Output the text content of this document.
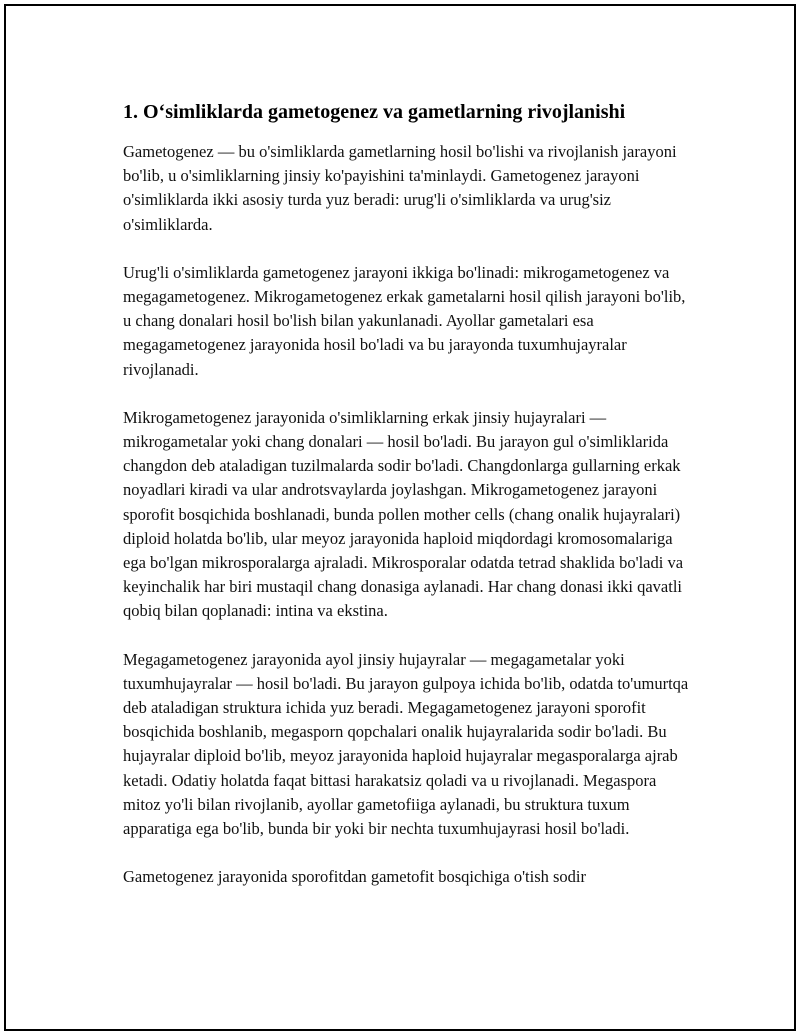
1. O‘simliklarda gametogenez va gametlarning rivojlanishi

Gametogenez — bu o'simliklarda gametlarning hosil bo'lishi va rivojlanish jarayoni bo'lib, u o'simliklarning jinsiy ko'payishini ta'minlaydi. Gametogenez jarayoni o'simliklarda ikki asosiy turda yuz beradi: urug'li o'simliklarda va urug'siz o'simliklarda.

Urug'li o'simliklarda gametogenez jarayoni ikkiga bo'linadi: mikrogametogenez va megagametogenez. Mikrogametogenez erkak gametalarni hosil qilish jarayoni bo'lib, u chang donalari hosil bo'lish bilan yakunlanadi. Ayollar gametalari esa megagametogenez jarayonida hosil bo'ladi va bu jarayonda tuxumhujayralar rivojlanadi.

Mikrogametogenez jarayonida o'simliklarning erkak jinsiy hujayralari — mikrogametalar yoki chang donalari — hosil bo'ladi. Bu jarayon gul o'simliklarida changdon deb ataladigan tuzilmalarda sodir bo'ladi. Changdonlarga gullarning erkak noyadlari kiradi va ular androtsvaylarda joylashgan. Mikrogametogenez jarayoni sporofit bosqichida boshlanadi, bunda pollen mother cells (chang onalik hujayralari) diploid holatda bo'lib, ular meyoz jarayonida haploid miqdordagi kromosomalariga ega bo'lgan mikrosporalarga ajraladi. Mikrosporalar odatda tetrad shaklida bo'ladi va keyinchalik har biri mustaqil chang donasiga aylanadi. Har chang donasi ikki qavatli qobiq bilan qoplanadi: intina va ekstina.

Megagametogenez jarayonida ayol jinsiy hujayralar — megagametalar yoki tuxumhujayralar — hosil bo'ladi. Bu jarayon gulpoya ichida bo'lib, odatda to'umurtqa deb ataladigan struktura ichida yuz beradi. Megagametogenez jarayoni sporofit bosqichida boshlanib, megasporn qopchalari onalik hujayralarida sodir bo'ladi. Bu hujayralar diploid bo'lib, meyoz jarayonida haploid hujayralar megasporalarga ajrab ketadi. Odatiy holatda faqat bittasi harakatsiz qoladi va u rivojlanadi. Megaspora mitoz yo'li bilan rivojlanib, ayollar gametofiiga aylanadi, bu struktura tuxum apparatiga ega bo'lib, bunda bir yoki bir nechta tuxumhujayrasi hosil bo'ladi.

Gametogenez jarayonida sporofitdan gametofit bosqichiga o'tish sodir
